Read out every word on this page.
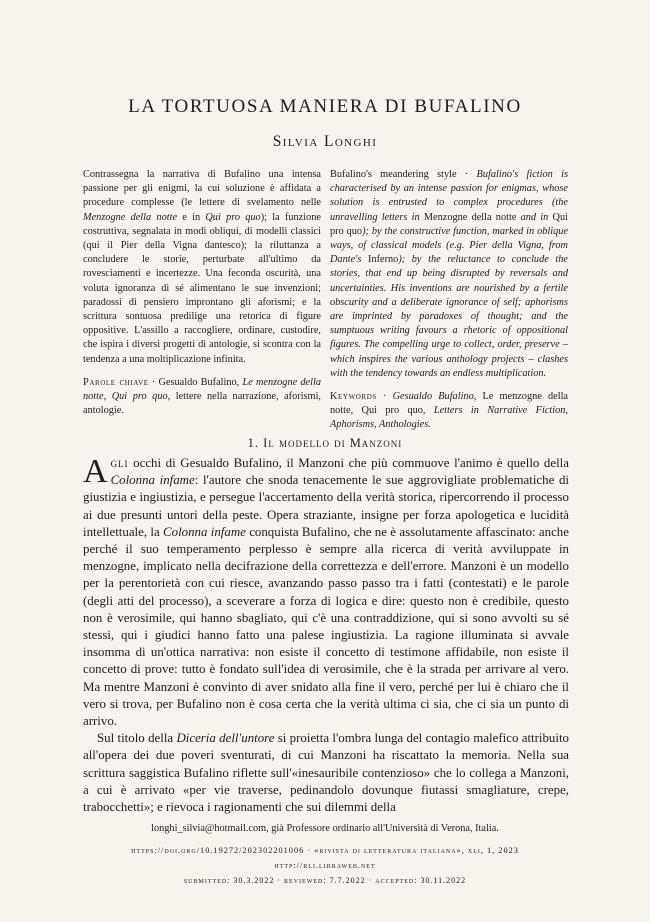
LA TORTUOSA MANIERA DI BUFALINO
Silvia Longhi

Contrassegna la narrativa di Bufalino una intensa passione per gli enigmi, la cui soluzione è affidata a procedure complesse (le lettere di svelamento nelle Menzogne della notte e in Qui pro quo); la funzione costruttiva, segnalata in modi obliqui, di modelli classici (qui il Pier della Vigna dantesco); la riluttanza a concludere le storie, perturbate all'ultimo da rovesciamenti e incertezze. Una feconda oscurità, una voluta ignoranza di sé alimentano le sue invenzioni; paradossi di pensiero improntano gli aforismi; e la scrittura sontuosa predilige una retorica di figure oppositive. L'assillo a raccogliere, ordinare, custodire, che ispira i diversi progetti di antologie, si scontra con la tendenza a una moltiplicazione infinita.

Parole chiave · Gesualdo Bufalino, Le menzogne della notte, Qui pro quo, lettere nella narrazione, aforismi, antologie.

Bufalino's meandering style · Bufalino's fiction is characterised by an intense passion for enigmas, whose solution is entrusted to complex procedures (the unravelling letters in Menzogne della notte and in Qui pro quo); by the constructive function, marked in oblique ways, of classical models (e.g. Pier della Vigna, from Dante's Inferno); by the reluctance to conclude the stories, that end up being disrupted by reversals and uncertainties. His inventions are nourished by a fertile obscurity and a deliberate ignorance of self; aphorisms are imprinted by paradoxes of thought; and the sumptuous writing favours a rhetoric of oppositional figures. The compelling urge to collect, order, preserve – which inspires the various anthology projects – clashes with the tendency towards an endless multiplication.

Keywords · Gesualdo Bufalino, Le menzogne della notte, Qui pro quo, Letters in Narrative Fiction, Aphorisms, Anthologies.

1. Il modello di Manzoni

Agli occhi di Gesualdo Bufalino, il Manzoni che più commuove l'animo è quello della Colonna infame: l'autore che snoda tenacemente le sue aggrovigliate problematiche di giustizia e ingiustizia, e persegue l'accertamento della verità storica, ripercorrendo il processo ai due presunti untori della peste. Opera straziante, insigne per forza apologetica e lucidità intellettuale, la Colonna infame conquista Bufalino, che ne è assolutamente affascinato: anche perché il suo temperamento perplesso è sempre alla ricerca di verità avviluppate in menzogne, implicato nella decifrazione della correttezza e dell'errore. Manzoni è un modello per la perentorietà con cui riesce, avanzando passo passo tra i fatti (contestati) e le parole (degli atti del processo), a sceverare a forza di logica e dire: questo non è credibile, questo non è verosimile, qui hanno sbagliato, qui c'è una contraddizione, qui si sono avvolti su sé stessi, qui i giudici hanno fatto una palese ingiustizia. La ragione illuminata si avvale insomma di un'ottica narrativa: non esiste il concetto di testimone affidabile, non esiste il concetto di prove: tutto è fondato sull'idea di verosimile, che è la strada per arrivare al vero. Ma mentre Manzoni è convinto di aver snidato alla fine il vero, perché per lui è chiaro che il vero si trova, per Bufalino non è cosa certa che la verità ultima ci sia, che ci sia un punto di arrivo.

Sul titolo della Diceria dell'untore si proietta l'ombra lunga del contagio malefico attribuito all'opera dei due poveri sventurati, di cui Manzoni ha riscattato la memoria. Nella sua scrittura saggistica Bufalino riflette sull'«inesauribile contenzioso» che lo collega a Manzoni, a cui è arrivato «per vie traverse, pedinandolo dovunque fiutassi smagliature, crepe, trabocchetti»; e rievoca i ragionamenti che sui dilemmi della

longhi_silvia@hotmail.com, già Professore ordinario all'Università di Verona, Italia.
https://doi.org/10.19272/202302201006 · «rivista di letteratura italiana», xli, 1, 2023
http://rli.libraweb.net
submitted: 30.3.2022 · reviewed: 7.7.2022 · accepted: 30.11.2022
